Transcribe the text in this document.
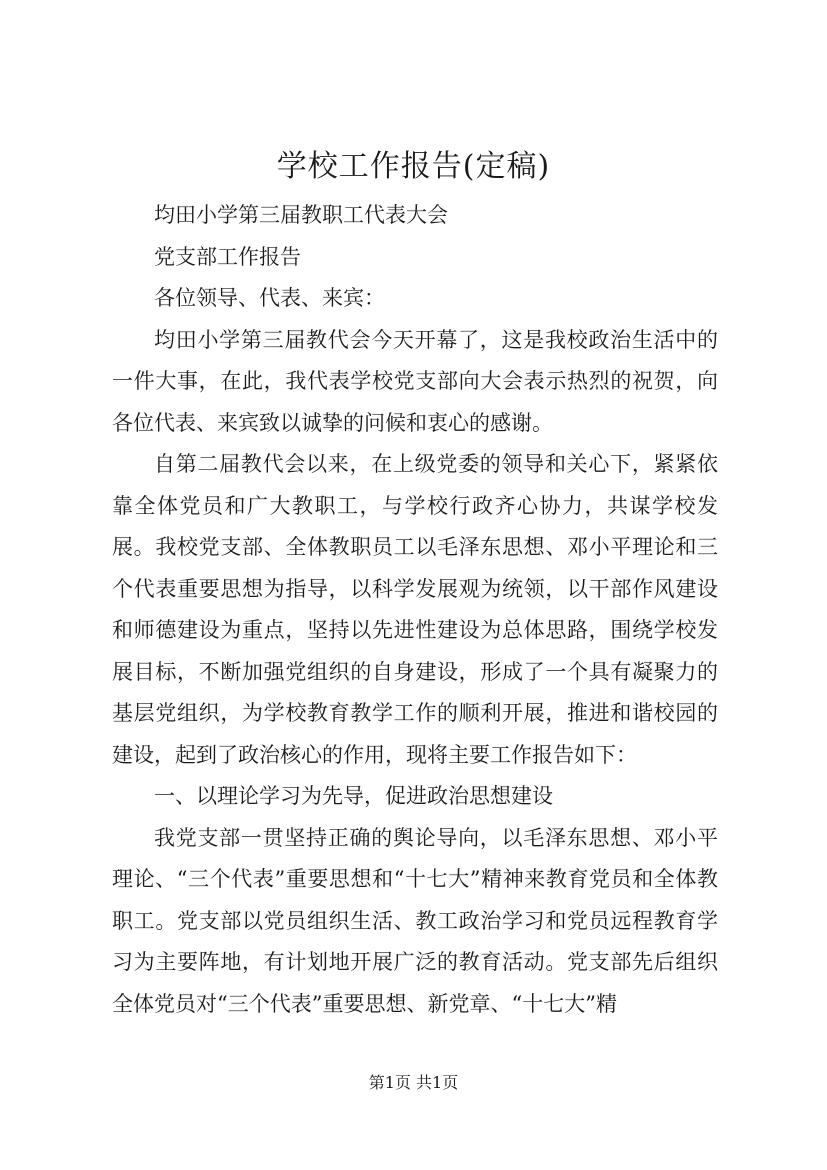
学校工作报告(定稿)

均田小学第三届教职工代表大会

党支部工作报告

各位领导、代表、来宾：

均田小学第三届教代会今天开幕了，这是我校政治生活中的一件大事，在此，我代表学校党支部向大会表示热烈的祝贺，向各位代表、来宾致以诚挚的问候和衷心的感谢。

自第二届教代会以来，在上级党委的领导和关心下，紧紧依靠全体党员和广大教职工，与学校行政齐心协力，共谋学校发展。我校党支部、全体教职员工以毛泽东思想、邓小平理论和三个代表重要思想为指导，以科学发展观为统领，以干部作风建设和师德建设为重点，坚持以先进性建设为总体思路，围绕学校发展目标，不断加强党组织的自身建设，形成了一个具有凝聚力的基层党组织，为学校教育教学工作的顺利开展，推进和谐校园的建设，起到了政治核心的作用，现将主要工作报告如下：

一、以理论学习为先导，促进政治思想建设

我党支部一贯坚持正确的舆论导向，以毛泽东思想、邓小平理论、“三个代表”重要思想和“十七大”精神来教育党员和全体教职工。党支部以党员组织生活、教工政治学习和党员远程教育学习为主要阵地，有计划地开展广泛的教育活动。党支部先后组织全体党员对“三个代表”重要思想、新党章、“十七大”精

第1页 共1页
